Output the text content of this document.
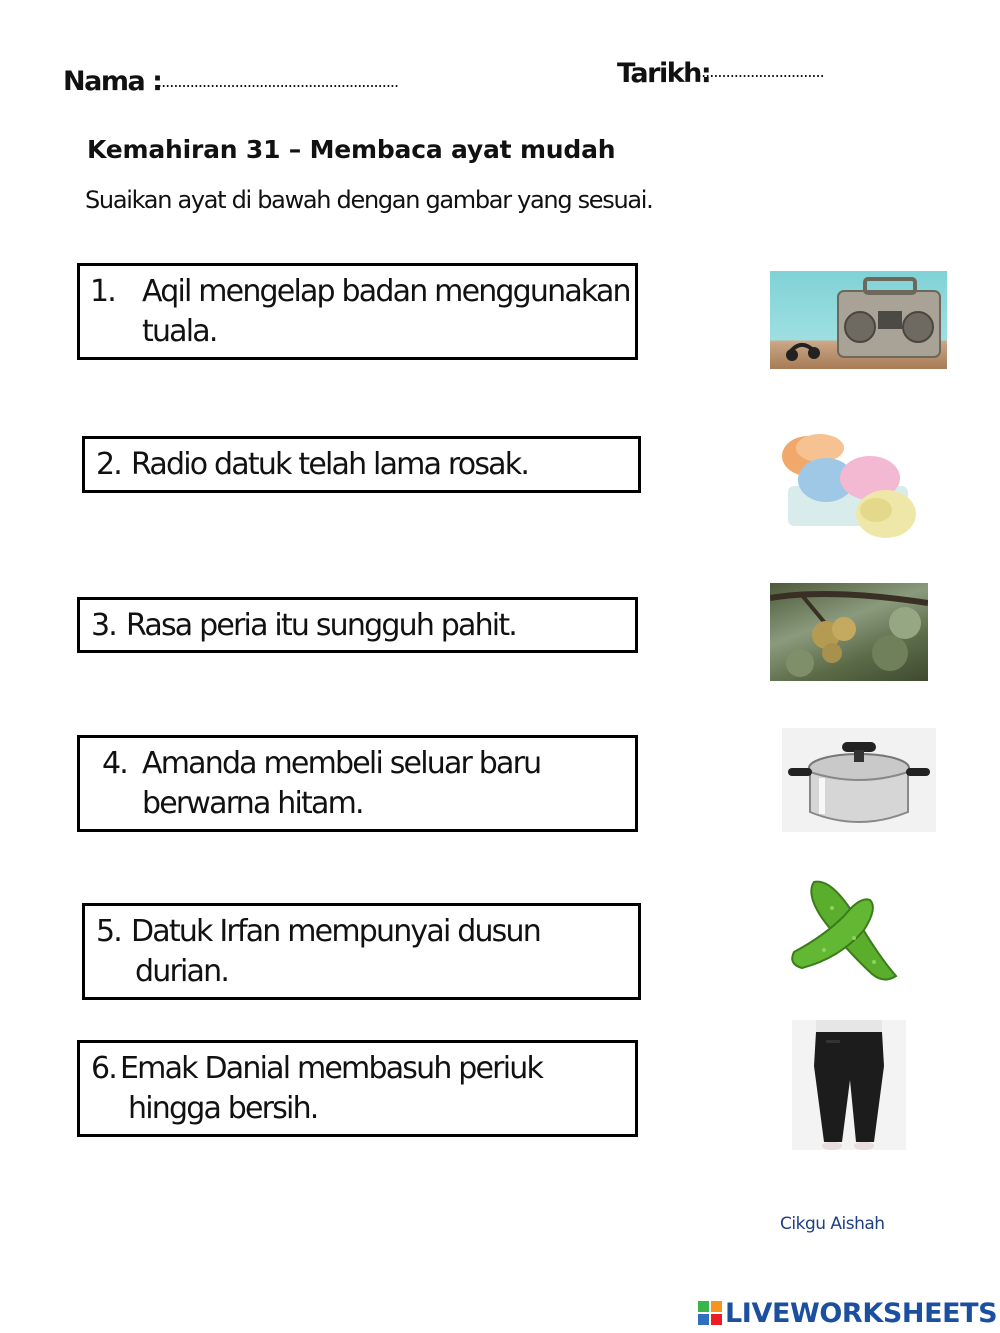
Nama :
...........................................................	Tarikh:
...............................
Kemahiran 31 – Membaca ayat mudah
Suaikan ayat di bawah dengan gambar yang sesuai.
1. Aqil mengelap badan menggunakan
tuala.
2. Radio datuk telah lama rosak.
3. Rasa peria itu sungguh pahit.
4. Amanda membeli seluar baru
berwarna hitam.
5. Datuk Irfan mempunyai dusun
durian.
6. Emak Danial membasuh periuk
hingga bersih.
Cikgu Aishah
LIVEWORKSHEETS
